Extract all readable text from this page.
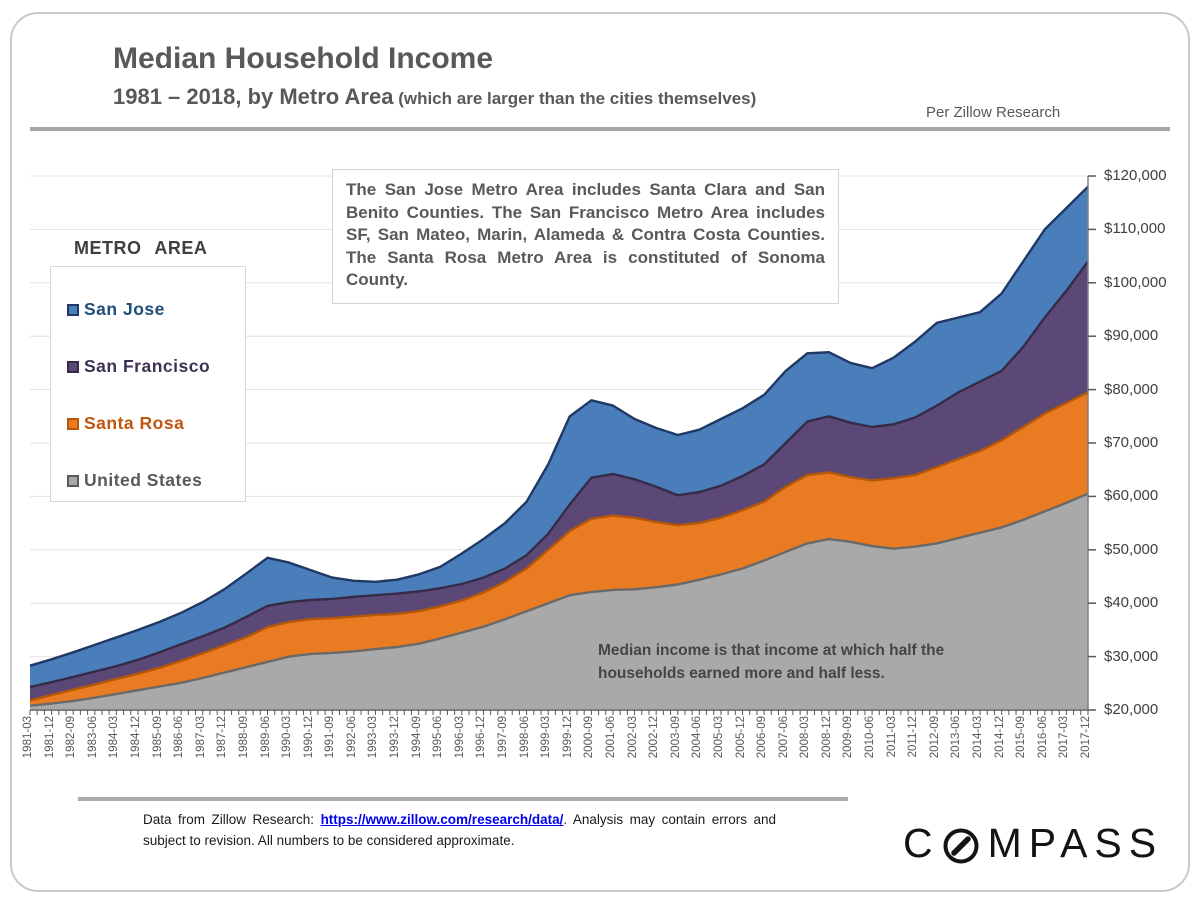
Median Household Income
1981 – 2018, by Metro Area (which are larger than the cities themselves)
Per Zillow Research
$120,000
$110,000
$100,000
$90,000
$80,000
$70,000
$60,000
$50,000
$40,000
$30,000
$20,000
1981-03 1981-12 1982-09 1983-06 1984-03 1984-12 1985-09 1986-06 1987-03 1987-12 1988-09 1989-06 1990-03 1990-12 1991-09 1992-06 1993-03 1993-12 1994-09 1995-06 1996-03 1996-12 1997-09 1998-06 1999-03 1999-12 2000-09 2001-06 2002-03 2002-12 2003-09 2004-06 2005-03 2005-12 2006-09 2007-06 2008-03 2008-12 2009-09 2010-06 2011-03 2011-12 2012-09 2013-06 2014-03 2014-12 2015-09 2016-06 2017-03 2017-12
METRO AREA
San Jose
San Francisco
Santa Rosa
United States
The San Jose Metro Area includes Santa Clara and San Benito Counties. The San Francisco Metro Area includes SF, San Mateo, Marin, Alameda & Contra Costa Counties. The Santa Rosa Metro Area is constituted of Sonoma County.
Median income is that income at which half the households earned more and half less.
Data from Zillow Research: https://www.zillow.com/research/data/. Analysis may contain errors and subject to revision. All numbers to be considered approximate.	C MPASS
